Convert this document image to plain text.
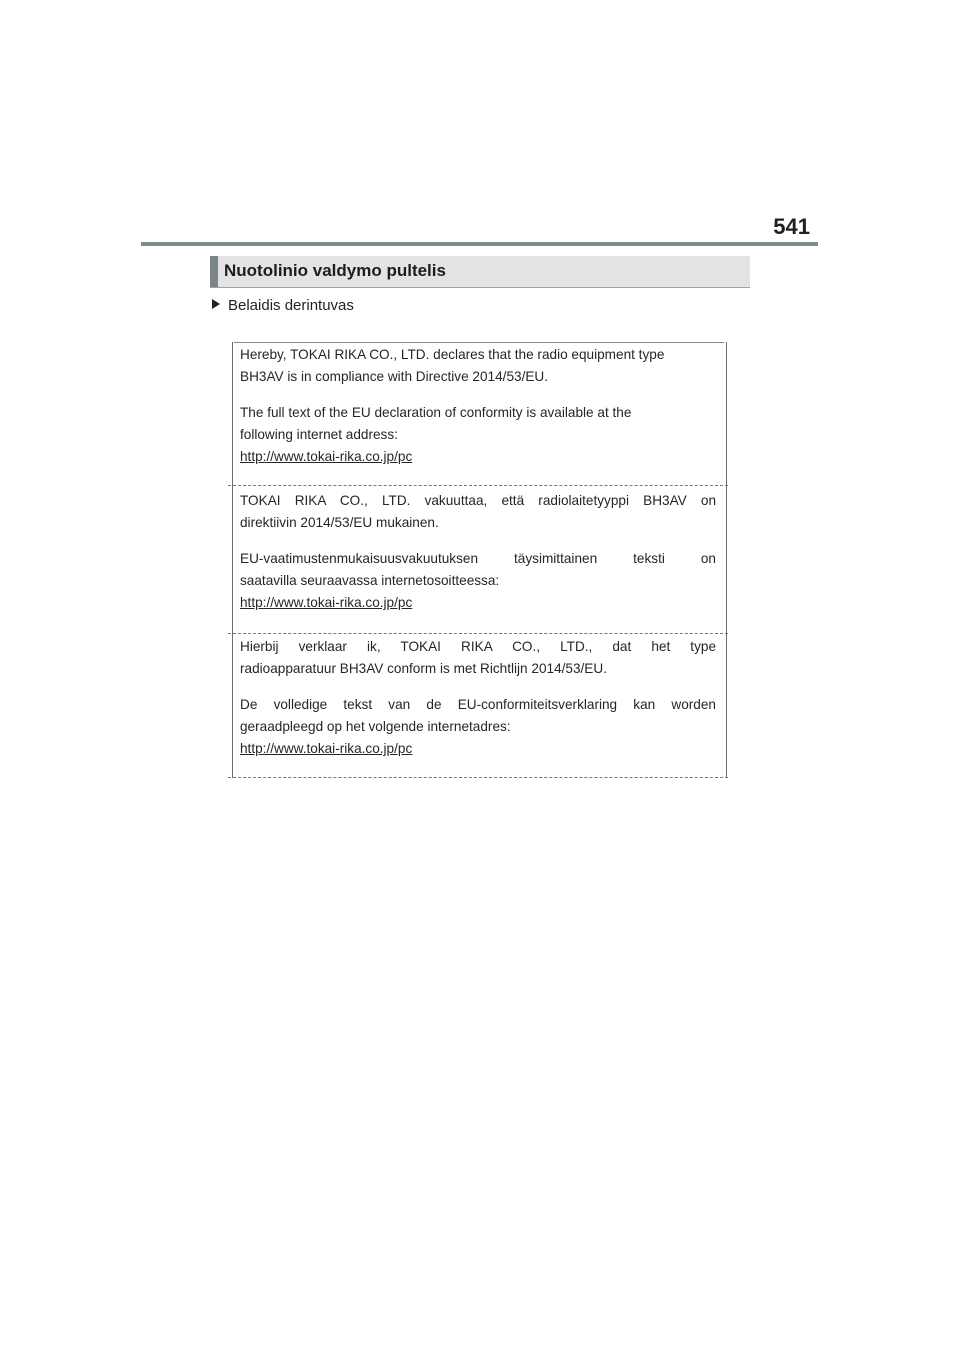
541
Nuotolinio valdymo pultelis
Belaidis derintuvas

Hereby, TOKAI RIKA CO., LTD. declares that the radio equipment type

BH3AV is in compliance with Directive 2014/53/EU.

The full text of the EU declaration of conformity is available at the

following internet address:

http://www.tokai-rika.co.jp/pc

TOKAI RIKA CO., LTD. vakuuttaa, että radiolaitetyyppi BH3AV on

direktiivin 2014/53/EU mukainen.

EU-vaatimustenmukaisuusvakuutuksen täysimittainen teksti on

saatavilla seuraavassa internetosoitteessa:

http://www.tokai-rika.co.jp/pc

Hierbij verklaar ik, TOKAI RIKA CO., LTD., dat het type

radioapparatuur BH3AV conform is met Richtlijn 2014/53/EU.

De volledige tekst van de EU-conformiteitsverklaring kan worden

geraadpleegd op het volgende internetadres:

http://www.tokai-rika.co.jp/pc
